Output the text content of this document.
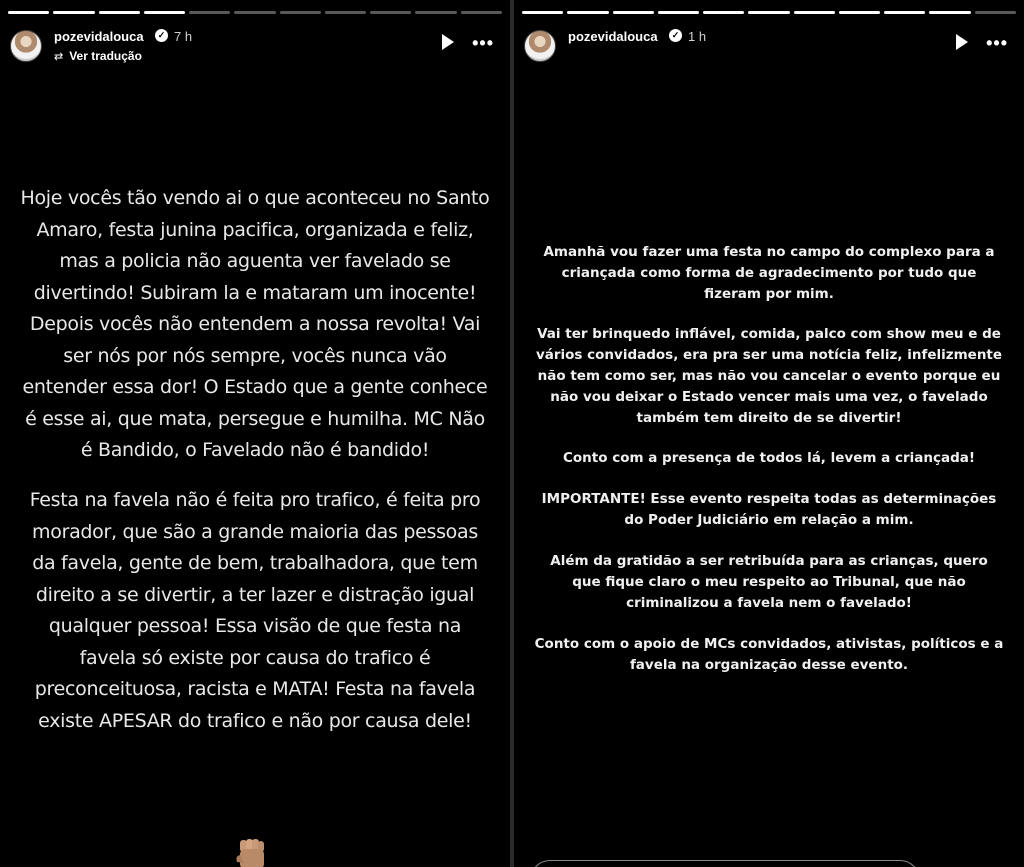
pozevidalouca	✓ 7 h
⇄ Ver tradução
•••

Hoje vocês tão vendo ai o que aconteceu no Santo Amaro, festa junina pacifica, organizada e feliz, mas a policia não aguenta ver favelado se divertindo! Subiram la e mataram um inocente! Depois vocês não entendem a nossa revolta! Vai ser nós por nós sempre, vocês nunca vão entender essa dor! O Estado que a gente conhece é esse ai, que mata, persegue e humilha. MC Não é Bandido, o Favelado não é bandido!

Festa na favela não é feita pro trafico, é feita pro morador, que são a grande maioria das pessoas da favela, gente de bem, trabalhadora, que tem direito a se divertir, a ter lazer e distração igual qualquer pessoa! Essa visão de que festa na favela só existe por causa do trafico é preconceituosa, racista e MATA! Festa na favela existe APESAR do trafico e não por causa dele!

pozevidalouca	✓ 1 h	•••

Amanhã vou fazer uma festa no campo do complexo para a criançada como forma de agradecimento por tudo que fizeram por mim.

Vai ter brinquedo inflável, comida, palco com show meu e de vários convidados, era pra ser uma notícia feliz, infelizmente não tem como ser, mas não vou cancelar o evento porque eu não vou deixar o Estado vencer mais uma vez, o favelado também tem direito de se divertir!

Conto com a presença de todos lá, levem a criançada!

IMPORTANTE! Esse evento respeita todas as determinações do Poder Judiciário em relação a mim.

Além da gratidão a ser retribuída para as crianças, quero que fique claro o meu respeito ao Tribunal, que não criminalizou a favela nem o favelado!

Conto com o apoio de MCs convidados, ativistas, políticos e a favela na organização desse evento.
